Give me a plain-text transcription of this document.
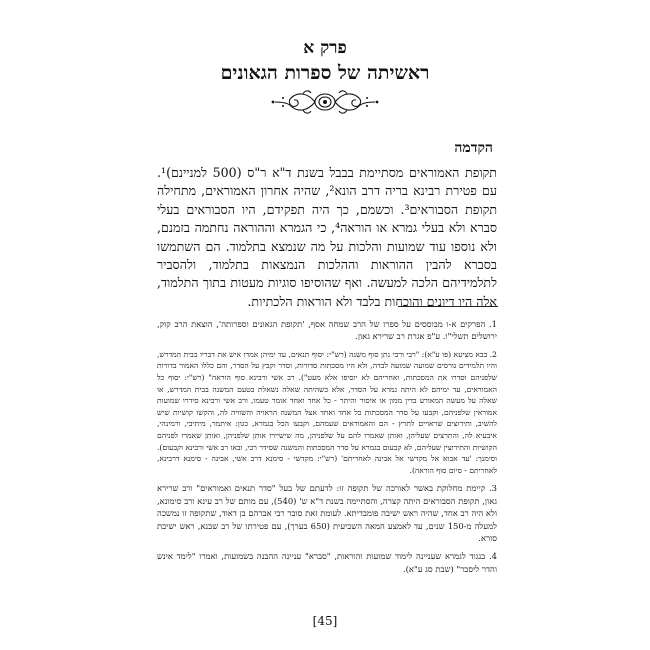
פרק א
ראשיתה של ספרות הגאונים
הקדמה

תקופת האמוראים מסתיימת בבבל בשנת ד"א ר"ס (500 למניינם)¹. עם פטירת רבינא בריה דרב הונא², שהיה אחרון האמוראים, מתחילה תקופת הסבוראים³. וכשמם, כך היה תפקידם, היו הסבוראים בעלי סברא ולא בעלי גמרא או הוראה⁴, כי הגמרא וההוראה נחתמה בזמנם, ולא נוספו עוד שמועות והלכות על מה שנמצא בתלמוד. הם השתמשו בסברא להבין ההוראות וההלכות הנמצאות בתלמוד, ולהסביר לתלמידיהם הלכה למעשה. ואף שהוסיפו סוגיות מעטות בתוך התלמוד, אלה היו דיונים והוכחות בלבד ולא הוראות הלכתיות.

1. הפרקים א-ו מבוססים על ספרו של הרב שמחה אסף, 'תקופת הגאונים וספרותה', הוצאת הרב קוק, ירושלים תשלי"ו. ע"פ אגרת רב שרירא גאון.

2. בבא מציעא (פו ע"א): "רבי ורבי נתן סוף משנה (רש"י: יסוף תנאים, עד ימיהן אמרו איש את דבריו בבית המדרש, והיו תלמידים גורסים שמועה שמועה לבדה, ולא היו מסכתות סדורות, וסדר וקבץ על הסדר, והם כללו האמור בדורות שלפניהם וסדרו את המסכתות, ואחריהם לא יוסיפו אלא מעט"). רב אשי ורבינא סוף הוראה" (רש"י: יסוף כל האמוראים, עד ימיהם לא היתה גמרא על הסדר, אלא כשהיתה שאלה נשאלת בטעם המשנה בבית המדרש, או שאלה על מעשה המאורע בדין ממון או איסור והיתר - כל אחד ואחד אומר טעמו, ורב אשי ורבינא סידרו שמועות אמוראין שלפניהם, וקבעו על סדר המסכתות כל אחד ואחד אצל המשנה הראויה והשוויה לה, והקשו קושיות שיש להשיב, ותירוצים שראויים לתרץ - הם והאמוראים שעמהם, וקבעו הכל בגמרא, כגון: איתמר, מיתיבי, ורמינהי, איבעיא לה, והתרצים שעליהן, ואותן שאמרו להם על שלפניהן, מה שישיירו אותן שלפניהן, ואותן שאמרו לפניהם הקושיות והתירוצין שעליהם, לא קבעום בגמרא על סדר המסכתות והמשנה שסידר רבי, ובאו רב אשי ורבינא וקבעום). וסימנך: 'עד אבוא אל מקדשי אל אבינה לאחריתם' (רש"י: מקדשי - סימנא דרב אשי, אבינה - סימנא דרבינא, לאחריתם - סיום סוף הוראה).

3. קיימת מחלוקת באשר לאורכה של תקופה זו: לדעתם של בעל "סדר תנאים ואמוראים" ורב שרירא גאון, תקופת הסבוראים היתה קצרה, והסתיימה בשנת ד"א ש' (540), עם מותם של רב עינא ורב סימונא, ולא היה רב אחד, שהיה ראש ישיבה פומבדיתא. לעומת זאת סובר רבי אברהם בן דאוד, שתקופה זו נמשכה למעלה מ-150 שנים, עד לאמצע המאה השביעית (650 בערך), עם פטירתו של רב שבנא, ראש ישיבת סורא.

4. בנגוד לגמרא שעניינה לימוד שמועות והוראות, "סברא" עניינה ההבנה בשמועות, ואמרו "לימד אינש והדר ליסבר" (שבת סג ע"א).

[45]
